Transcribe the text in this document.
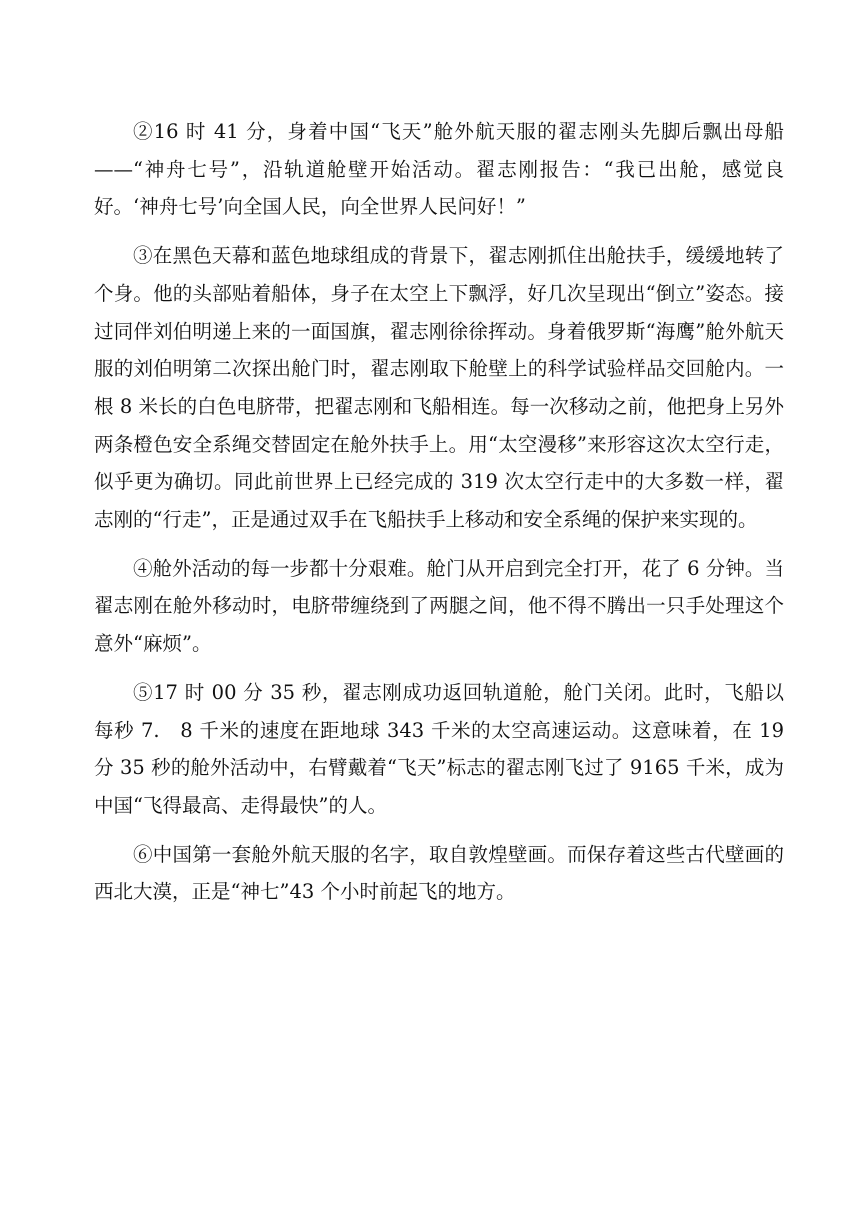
②16 时 41 分，身着中国“飞天”舱外航天服的翟志刚头先脚后飘出母船——“神舟七号”，沿轨道舱壁开始活动。翟志刚报告：“我已出舱，感觉良好。‘神舟七号’向全国人民，向全世界人民问好！”

③在黑色天幕和蓝色地球组成的背景下，翟志刚抓住出舱扶手，缓缓地转了个身。他的头部贴着船体，身子在太空上下飘浮，好几次呈现出“倒立”姿态。接过同伴刘伯明递上来的一面国旗，翟志刚徐徐挥动。身着俄罗斯“海鹰”舱外航天服的刘伯明第二次探出舱门时，翟志刚取下舱壁上的科学试验样品交回舱内。一根 8 米长的白色电脐带，把翟志刚和飞船相连。每一次移动之前，他把身上另外两条橙色安全系绳交替固定在舱外扶手上。用“太空漫移”来形容这次太空行走，似乎更为确切。同此前世界上已经完成的 319 次太空行走中的大多数一样，翟志刚的“行走”，正是通过双手在飞船扶手上移动和安全系绳的保护来实现的。

④舱外活动的每一步都十分艰难。舱门从开启到完全打开，花了 6 分钟。当翟志刚在舱外移动时，电脐带缠绕到了两腿之间，他不得不腾出一只手处理这个意外“麻烦”。

⑤17 时 00 分 35 秒，翟志刚成功返回轨道舱，舱门关闭。此时，飞船以每秒 7.　8 千米的速度在距地球 343 千米的太空高速运动。这意味着，在 19 分 35 秒的舱外活动中，右臂戴着“飞天”标志的翟志刚飞过了 9165 千米，成为中国“飞得最高、走得最快”的人。

⑥中国第一套舱外航天服的名字，取自敦煌壁画。而保存着这些古代壁画的西北大漠，正是“神七”43 个小时前起飞的地方。
